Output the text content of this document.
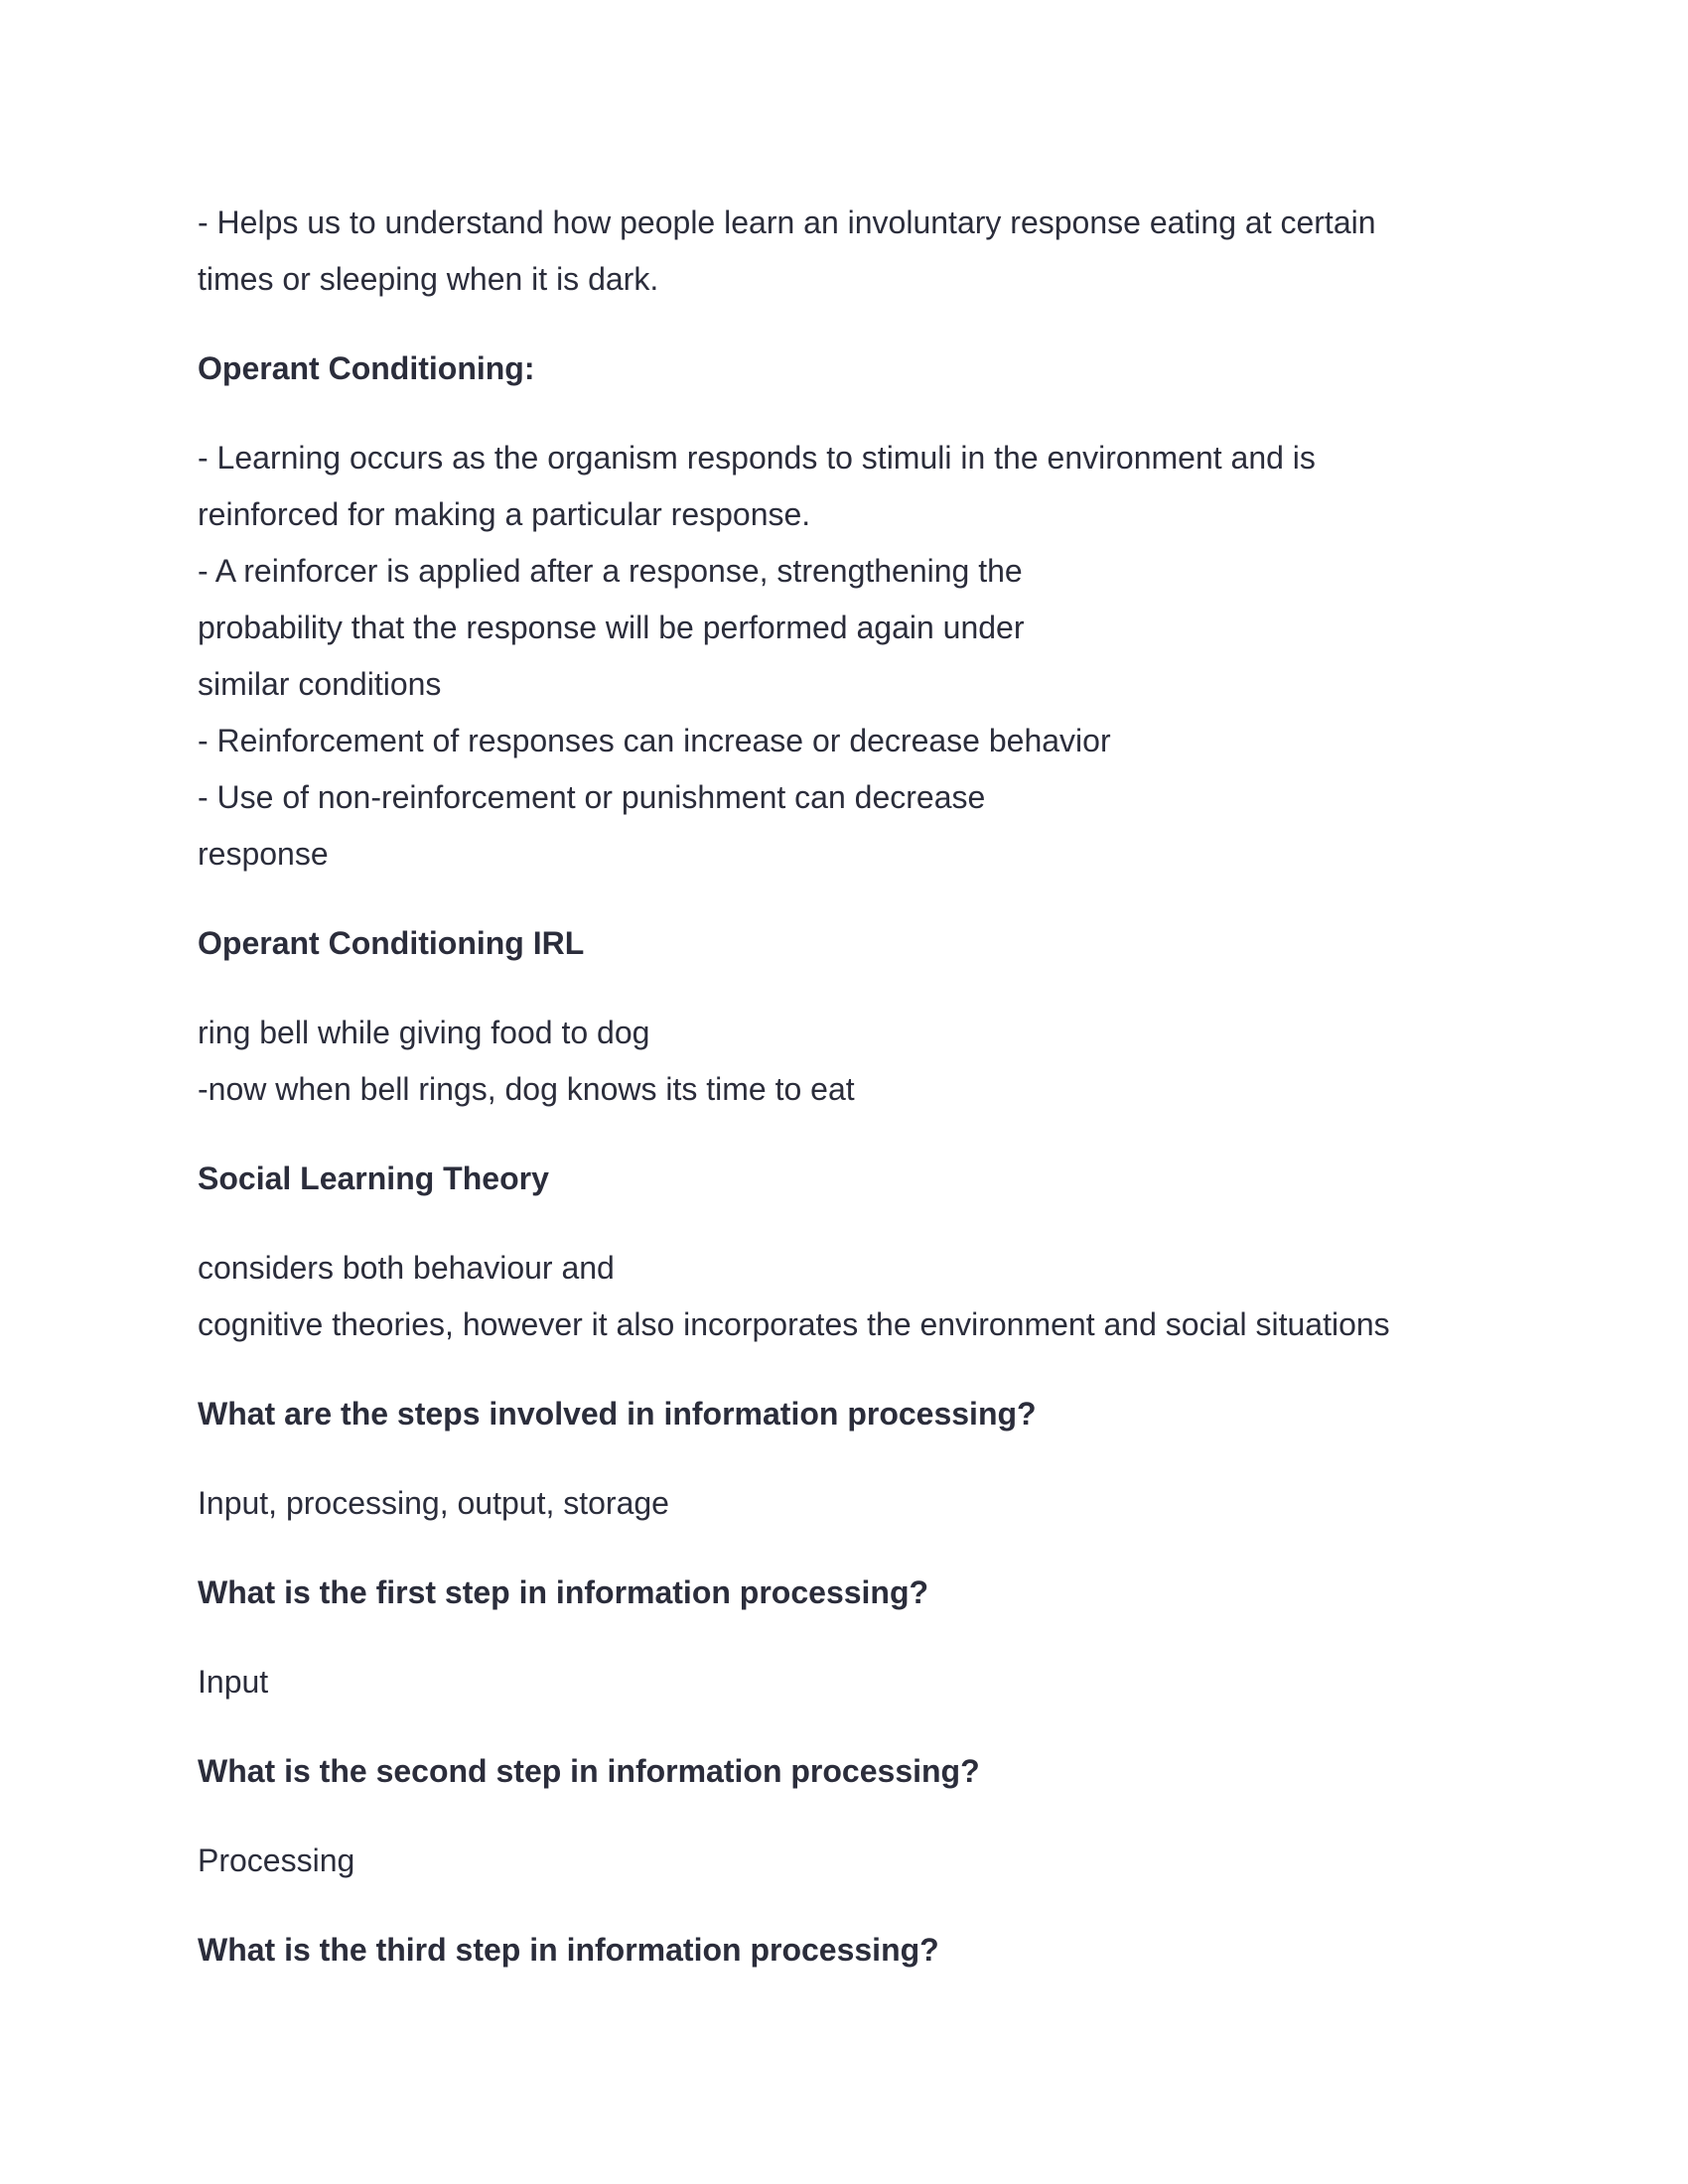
- Helps us to understand how people learn an involuntary response eating at certain
times or sleeping when it is dark.
Operant Conditioning:
- Learning occurs as the organism responds to stimuli in the environment and is
reinforced for making a particular response.
- A reinforcer is applied after a response, strengthening the
probability that the response will be performed again under
similar conditions
- Reinforcement of responses can increase or decrease behavior
- Use of non-reinforcement or punishment can decrease
response
Operant Conditioning IRL
ring bell while giving food to dog
-now when bell rings, dog knows its time to eat
Social Learning Theory
considers both behaviour and
cognitive theories, however it also incorporates the environment and social situations
What are the steps involved in information processing?
Input, processing, output, storage
What is the first step in information processing?
Input
What is the second step in information processing?
Processing
What is the third step in information processing?
